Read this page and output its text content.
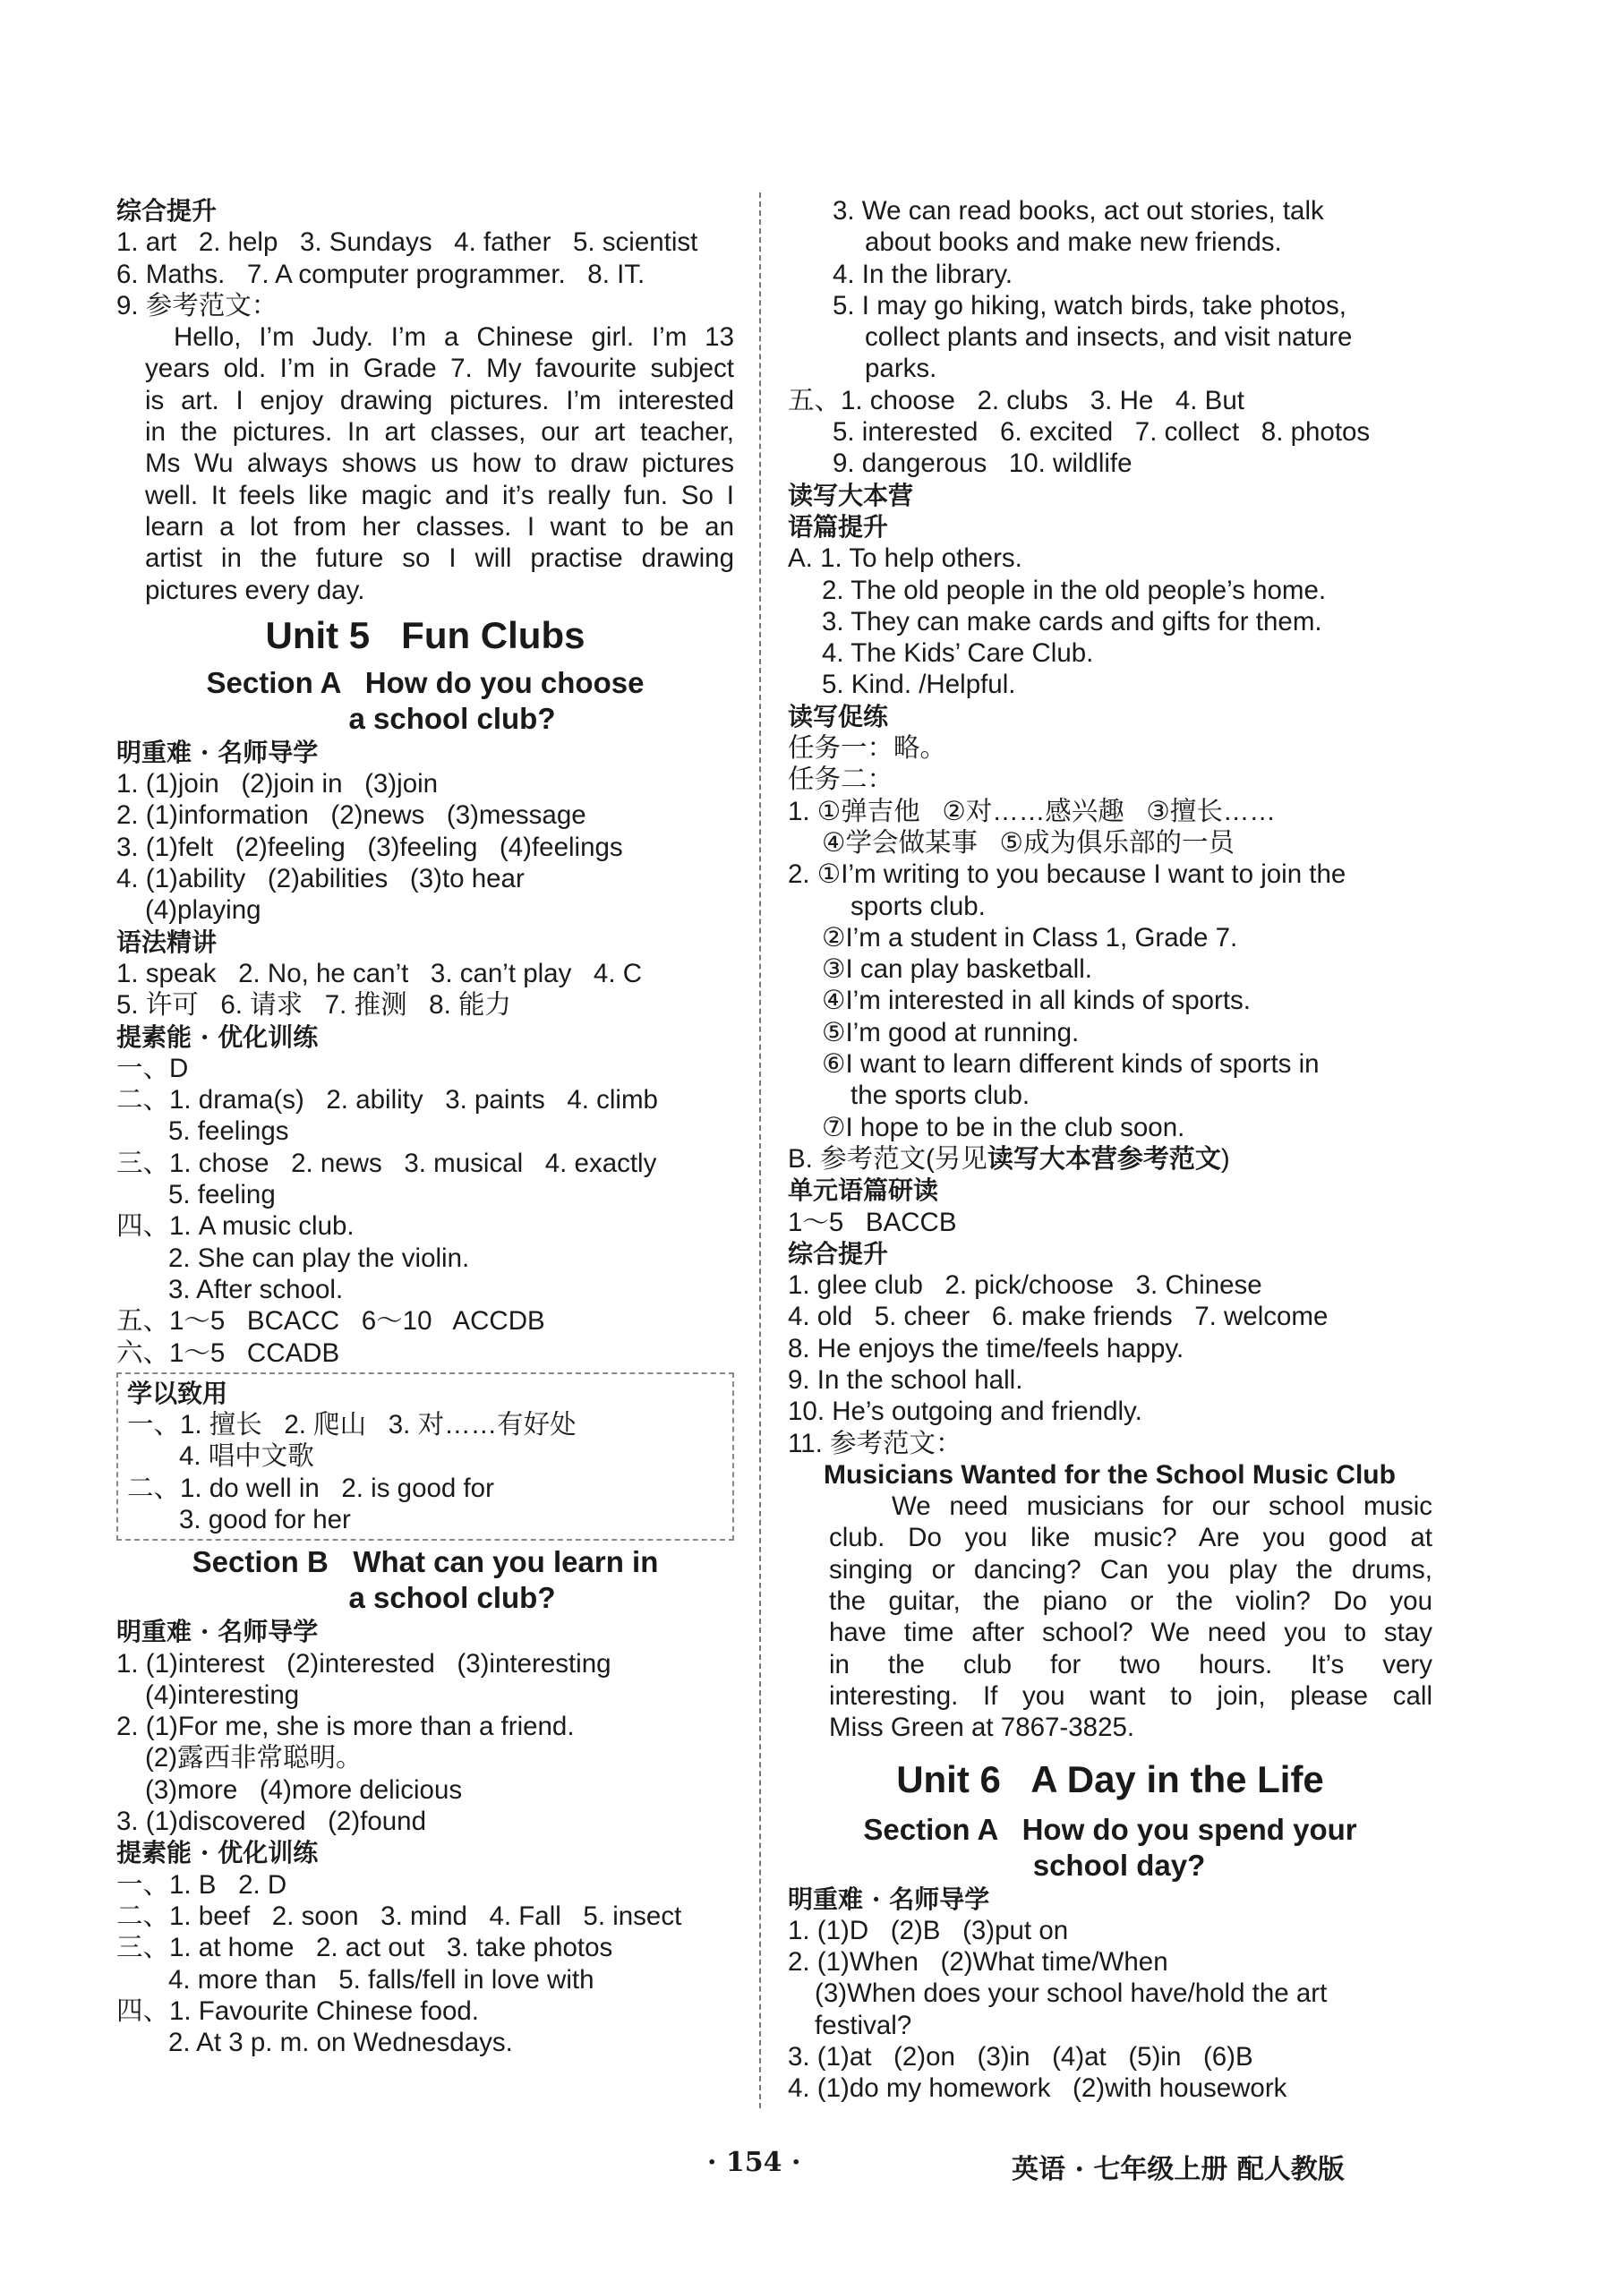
综合提升
1. art   2. help   3. Sundays   4. father   5. scientist
6. Maths.   7. A computer programmer.   8. IT.
9. 参考范文：
Hello, I’m Judy. I’m a Chinese girl. I’m 13
years old. I’m in Grade 7. My favourite subject
is art. I enjoy drawing pictures. I’m interested
in the pictures. In art classes, our art teacher,
Ms Wu always shows us how to draw pictures
well. It feels like magic and it’s really fun. So I
learn a lot from her classes. I want to be an
artist in the future so I will practise drawing
pictures every day.
Unit 5   Fun Clubs
Section A   How do you choose
a school club?
明重难 · 名师导学
1. (1)join   (2)join in   (3)join
2. (1)information   (2)news   (3)message
3. (1)felt   (2)feeling   (3)feeling   (4)feelings
4. (1)ability   (2)abilities   (3)to hear
(4)playing
语法精讲
1. speak   2. No, he can’t   3. can’t play   4. C
5. 许可   6. 请求   7. 推测   8. 能力
提素能 · 优化训练
一、D
二、1. drama(s)   2. ability   3. paints   4. climb
5. feelings
三、1. chose   2. news   3. musical   4. exactly
5. feeling
四、1. A music club.
2. She can play the violin.
3. After school.
五、1～5   BCACC   6～10   ACCDB
六、1～5   CCADB
学以致用
一、1. 擅长   2. 爬山   3. 对……有好处
4. 唱中文歌
二、1. do well in   2. is good for
3. good for her
Section B   What can you learn in
a school club?
明重难 · 名师导学
1. (1)interest   (2)interested   (3)interesting
(4)interesting
2. (1)For me, she is more than a friend.
(2)露西非常聪明。
(3)more   (4)more delicious
3. (1)discovered   (2)found
提素能 · 优化训练
一、1. B   2. D
二、1. beef   2. soon   3. mind   4. Fall   5. insect
三、1. at home   2. act out   3. take photos
4. more than   5. falls/fell in love with
四、1. Favourite Chinese food.
2. At 3 p. m. on Wednesdays.
3. We can read books, act out stories, talk
about books and make new friends.
4. In the library.
5. I may go hiking, watch birds, take photos,
collect plants and insects, and visit nature
parks.
五、1. choose   2. clubs   3. He   4. But
5. interested   6. excited   7. collect   8. photos
9. dangerous   10. wildlife
读写大本营
语篇提升
A. 1. To help others.
2. The old people in the old people’s home.
3. They can make cards and gifts for them.
4. The Kids’ Care Club.
5. Kind. /Helpful.
读写促练
任务一：略。
任务二：
1. ①弹吉他   ②对……感兴趣   ③擅长……
④学会做某事   ⑤成为俱乐部的一员
2. ①I’m writing to you because I want to join the
sports club.
②I’m a student in Class 1, Grade 7.
③I can play basketball.
④I’m interested in all kinds of sports.
⑤I’m good at running.
⑥I want to learn different kinds of sports in
the sports club.
⑦I hope to be in the club soon.
B. 参考范文(另见读写大本营参考范文)
单元语篇研读
1～5   BACCB
综合提升
1. glee club   2. pick/choose   3. Chinese
4. old   5. cheer   6. make friends   7. welcome
8. He enjoys the time/feels happy.
9. In the school hall.
10. He’s outgoing and friendly.
11. 参考范文：
Musicians Wanted for the School Music Club
We need musicians for our school music
club. Do you like music? Are you good at
singing or dancing? Can you play the drums,
the guitar, the piano or the violin? Do you
have time after school? We need you to stay
in the club for two hours. It’s very
interesting. If you want to join, please call
Miss Green at 7867-3825.
Unit 6   A Day in the Life
Section A   How do you spend your
school day?
明重难 · 名师导学
1. (1)D   (2)B   (3)put on
2. (1)When   (2)What time/When
(3)When does your school have/hold the art
festival?
3. (1)at   (2)on   (3)in   (4)at   (5)in   (6)B
4. (1)do my homework   (2)with housework
· 154 ·	英语 · 七年级上册 配人教版
